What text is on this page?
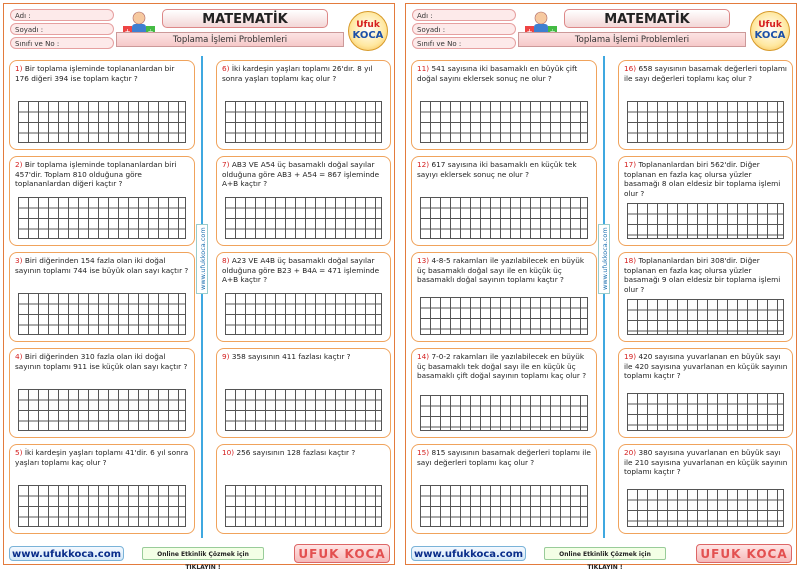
Adı :
Soyadı :
Sınıfı ve No :
MATEMATİK
Toplama İşlemi Problemleri
Ufuk
KOCA
www.ufukkoca.com
1) Bir toplama işleminde toplananlardan bir 176 diğeri 394 ise toplam kaçtır ?
2) Bir toplama işleminde toplananlardan biri 457'dir. Toplam 810 olduğuna göre toplananlardan diğeri kaçtır ?
3) Biri diğerinden 154 fazla olan iki doğal sayının toplamı 744 ise büyük olan sayı kaçtır ?
4) Biri diğerinden 310 fazla olan iki doğal sayının toplamı 911 ise küçük olan sayı kaçtır ?
5) İki kardeşin yaşları toplamı 41'dir. 6 yıl sonra yaşları toplamı kaç olur ?
6) İki kardeşin yaşları toplamı 26'dır. 8 yıl sonra yaşları toplamı kaç olur ?
7) AB3 VE A54 üç basamaklı doğal sayılar olduğuna göre AB3 + A54 = 867 işleminde A+B kaçtır ?
8) A23 VE A4B üç basamaklı doğal sayılar olduğuna göre B23 + B4A = 471 işleminde A+B kaçtır ?
9) 358 sayısının 411 fazlası kaçtır ?
10) 256 sayısının 128 fazlası kaçtır ?
www.ufukkoca.com	Online Etkinlik Çözmek için TIKLAYIN !
UFUK KOCA
Adı :
Soyadı :
Sınıfı ve No :
MATEMATİK
Toplama İşlemi Problemleri
Ufuk
KOCA
www.ufukkoca.com
11) 541 sayısına iki basamaklı en büyük çift doğal sayını eklersek sonuç ne olur ?
12) 617 sayısına iki basamaklı en küçük tek sayıyı eklersek sonuç ne olur ?
13) 4-8-5 rakamları ile yazılabilecek en büyük üç basamaklı doğal sayı ile en küçük üç basamaklı doğal sayının toplamı kaçtır ?
14) 7-0-2 rakamları ile yazılabilecek en büyük üç basamaklı tek doğal sayı ile en küçük üç basamaklı çift doğal sayının toplamı kaç olur ?
15) 815 sayısının basamak değerleri toplamı ile sayı değerleri toplamı kaç olur ?
16) 658 sayısının basamak değerleri toplamı ile sayı değerleri toplamı kaç olur ?
17) Toplananlardan biri 562'dir. Diğer toplanan en fazla kaç olursa yüzler basamağı 8 olan eldesiz bir toplama işlemi olur ?
18) Toplananlardan biri 308'dir. Diğer toplanan en fazla kaç olursa yüzler basamağı 9 olan eldesiz bir toplama işlemi olur ?
19) 420 sayısına yuvarlanan en büyük sayı ile 420 sayısına yuvarlanan en küçük sayının toplamı kaçtır ?
20) 380 sayısına yuvarlanan en büyük sayı ile 210 sayısına yuvarlanan en küçük sayının toplamı kaçtır ?
www.ufukkoca.com	Online Etkinlik Çözmek için TIKLAYIN !
UFUK KOCA
